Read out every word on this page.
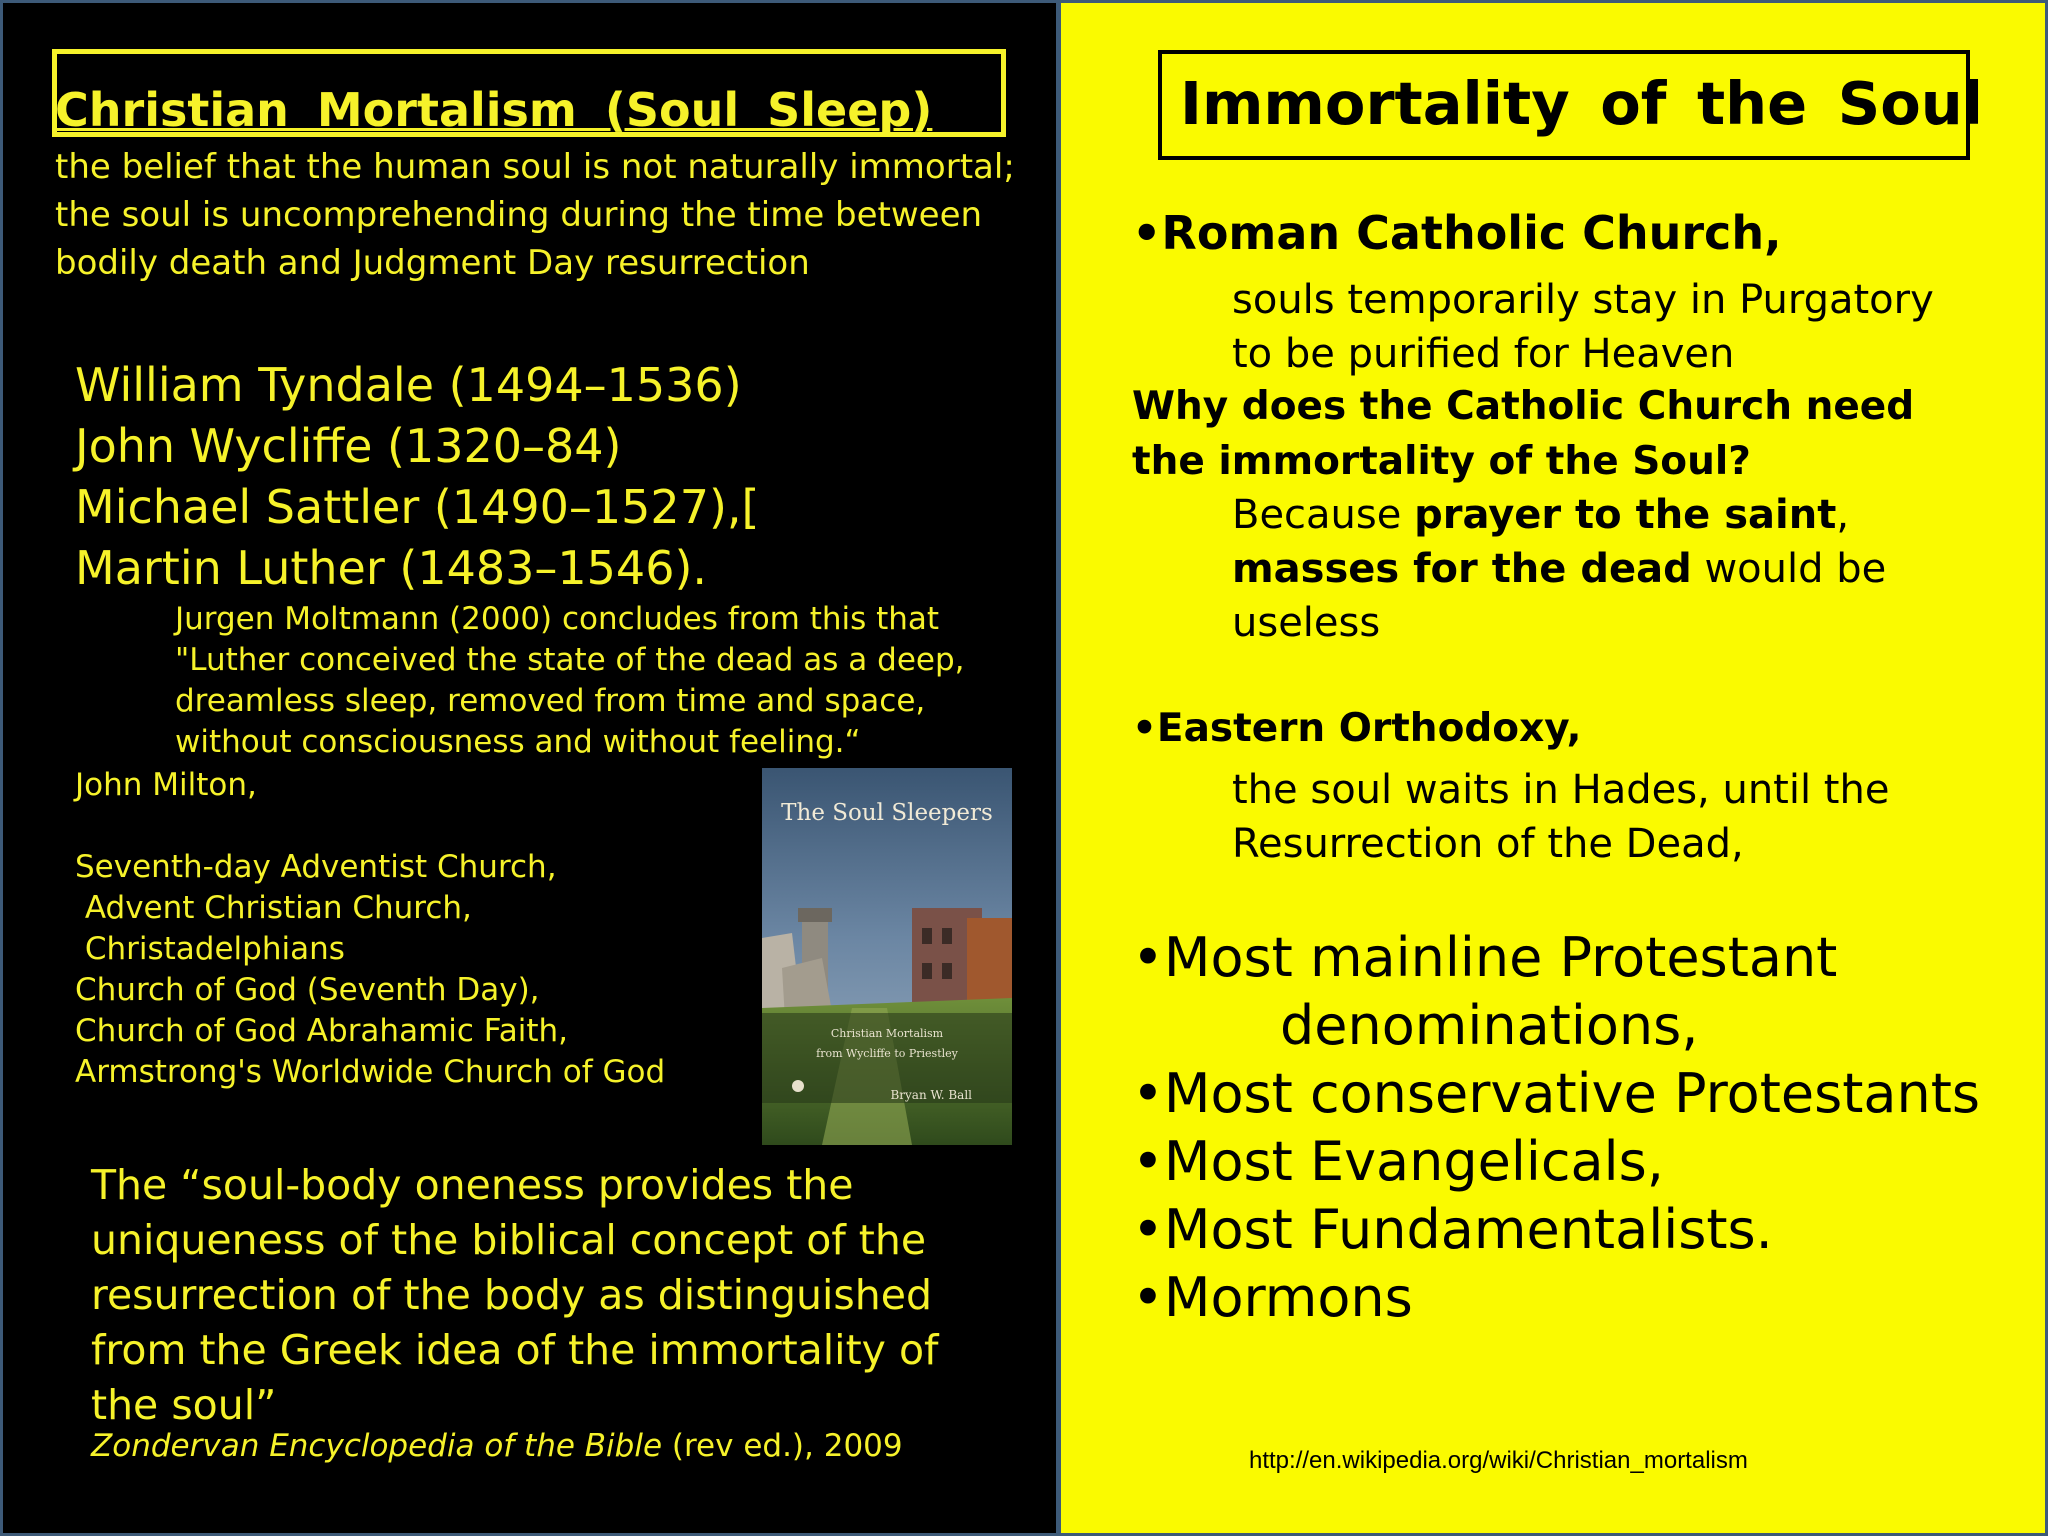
Christian Mortalism (Soul Sleep)
the belief that the human soul is not naturally immortal; the soul is uncomprehending during the time between bodily death and Judgment Day resurrection
William Tyndale (1494–1536)
John Wycliffe (1320–84)
Michael Sattler (1490–1527),[
Martin Luther (1483–1546).
Jurgen Moltmann (2000) concludes from this that
"Luther conceived the state of the dead as a deep,
dreamless sleep, removed from time and space,
without consciousness and without feeling.“
John Milton,
Seventh-day Adventist Church,
Advent Christian Church,
Christadelphians
Church of God (Seventh Day),
Church of God Abrahamic Faith,
Armstrong's Worldwide Church of God
The Soul Sleepers
Christian Mortalism
from Wycliffe to Priestley
Bryan W. Ball
The “soul-body oneness provides the
uniqueness of the biblical concept of the
resurrection of the body as distinguished
from the Greek idea of the immortality of
the soul”
Zondervan Encyclopedia of the Bible (rev ed.), 2009
Immortality of the Soul
•Roman Catholic Church,
souls temporarily stay in Purgatory
to be purified for Heaven
Why does the Catholic Church need
the immortality of the Soul?
Because prayer to the saint,
masses for the dead would be
useless
•Eastern Orthodoxy,
the soul waits in Hades, until the
Resurrection of the Dead,
•Most mainline Protestant
denominations,
•Most conservative Protestants
•Most Evangelicals,
•Most Fundamentalists.
•Mormons
http://en.wikipedia.org/wiki/Christian_mortalism
